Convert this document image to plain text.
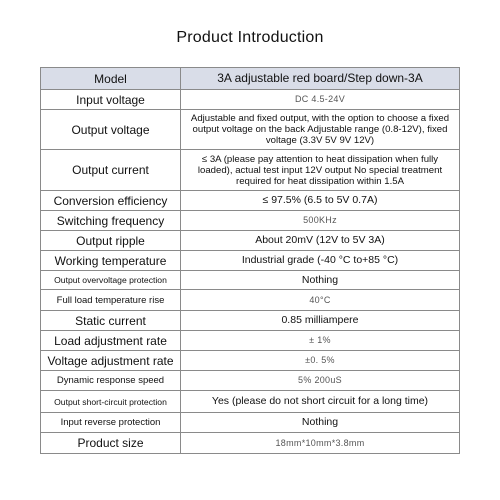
Product Introduction
Model	3A adjustable red board/Step down-3A
Input voltage	DC 4.5-24V
Output voltage	Adjustable and fixed output, with the option to choose a fixed output voltage on the back Adjustable range (0.8-12V), fixed voltage (3.3V 5V 9V 12V)
Output current	≤ 3A (please pay attention to heat dissipation when fully loaded), actual test input 12V output No special treatment required for heat dissipation within 1.5A
Conversion efficiency	≤ 97.5% (6.5 to 5V 0.7A)
Switching frequency	500KHz
Output ripple	About 20mV (12V to 5V 3A)
Working temperature	Industrial grade (-40 °C to+85 °C)
Output overvoltage protection	Nothing
Full load temperature rise	40°C
Static current	0.85 milliampere
Load adjustment rate	± 1%
Voltage adjustment rate	±0. 5%
Dynamic response speed	5% 200uS
Output short-circuit protection	Yes (please do not short circuit for a long time)
Input reverse protection	Nothing
Product size	18mm*10mm*3.8mm
